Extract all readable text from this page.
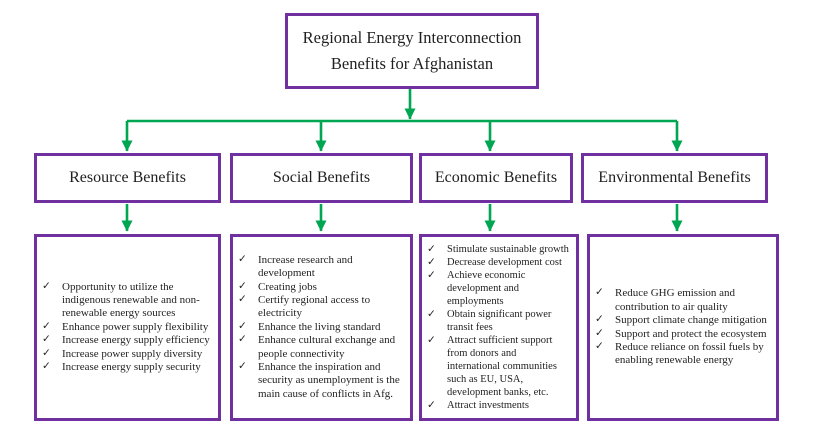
Regional Energy Interconnection Benefits for Afghanistan
Resource Benefits	Social Benefits	Economic Benefits	Environmental Benefits
✓ Opportunity to utilize the indigenous renewable and non-renewable energy sources
✓ Enhance power supply flexibility
✓ Increase energy supply efficiency
✓ Increase power supply diversity
✓ Increase energy supply security
✓ Increase research and development
✓ Creating jobs
✓ Certify regional access to electricity
✓ Enhance the living standard
✓ Enhance cultural exchange and people connectivity
✓ Enhance the inspiration and security as unemployment is the main cause of conflicts in Afg.
✓ Stimulate sustainable growth
✓ Decrease development cost
✓ Achieve economic development and employments
✓ Obtain significant power transit fees
✓ Attract sufficient support from donors and international communities such as EU, USA, development banks, etc.
✓ Attract investments
✓ Reduce GHG emission and contribution to air quality
✓ Support climate change mitigation
✓ Support and protect the ecosystem
✓ Reduce reliance on fossil fuels by enabling renewable energy
